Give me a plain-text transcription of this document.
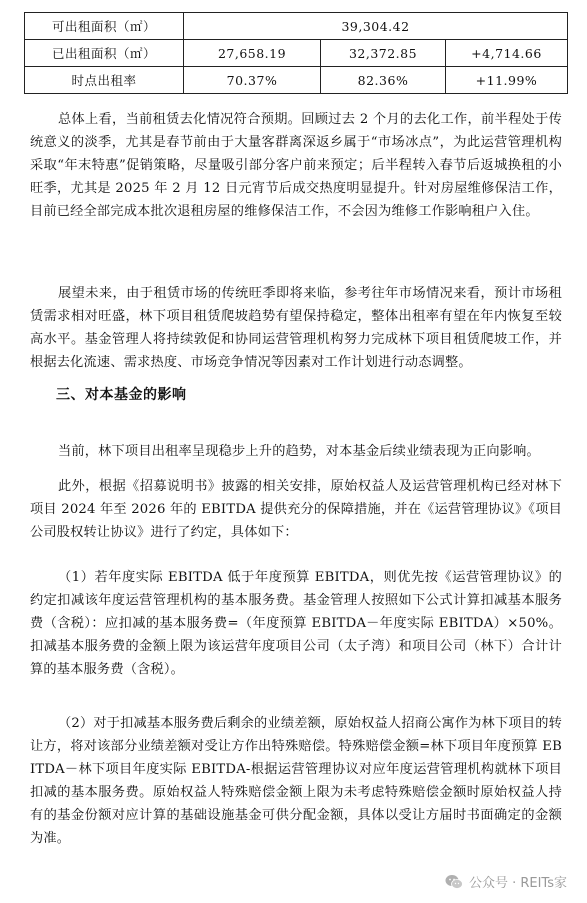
可出租面积（㎡）	39,304.42		
已出租面积（㎡）	27,658.19	32,372.85	+4,714.66
时点出租率	70.37%	82.36%	+11.99%

总体上看，当前租赁去化情况符合预期。回顾过去 2 个月的去化工作，前半程处于传统意义的淡季，尤其是春节前由于大量客群离深返乡属于“市场冰点”，为此运营管理机构采取“年末特惠”促销策略，尽量吸引部分客户前来预定；后半程转入春节后返城换租的小旺季，尤其是 2025 年 2 月 12 日元宵节后成交热度明显提升。针对房屋维修保洁工作，目前已经全部完成本批次退租房屋的维修保洁工作，不会因为维修工作影响租户入住。

展望未来，由于租赁市场的传统旺季即将来临，参考往年市场情况来看，预计市场租赁需求相对旺盛，林下项目租赁爬坡趋势有望保持稳定，整体出租率有望在年内恢复至较高水平。基金管理人将持续敦促和协同运营管理机构努力完成林下项目租赁爬坡工作，并根据去化流速、需求热度、市场竞争情况等因素对工作计划进行动态调整。

三、对本基金的影响

当前，林下项目出租率呈现稳步上升的趋势，对本基金后续业绩表现为正向影响。

此外，根据《招募说明书》披露的相关安排，原始权益人及运营管理机构已经对林下项目 2024 年至 2026 年的 EBITDA 提供充分的保障措施，并在《运营管理协议》《项目公司股权转让协议》进行了约定，具体如下：

（1）若年度实际 EBITDA 低于年度预算 EBITDA，则优先按《运营管理协议》的约定扣减该年度运营管理机构的基本服务费。基金管理人按照如下公式计算扣减基本服务费（含税）：应扣减的基本服务费=（年度预算 EBITDA－年度实际 EBITDA）×50%。扣减基本服务费的金额上限为该运营年度项目公司（太子湾）和项目公司（林下）合计计算的基本服务费（含税）。

（2）对于扣减基本服务费后剩余的业绩差额，原始权益人招商公寓作为林下项目的转让方，将对该部分业绩差额对受让方作出特殊赔偿。特殊赔偿金额=林下项目年度预算 EBITDA－林下项目年度实际 EBITDA-根据运营管理协议对应年度运营管理机构就林下项目扣减的基本服务费。原始权益人特殊赔偿金额上限为未考虑特殊赔偿金额时原始权益人持有的基金份额对应计算的基础设施基金可供分配金额，具体以受让方届时书面确定的金额为准。

公众号 · REITs家
